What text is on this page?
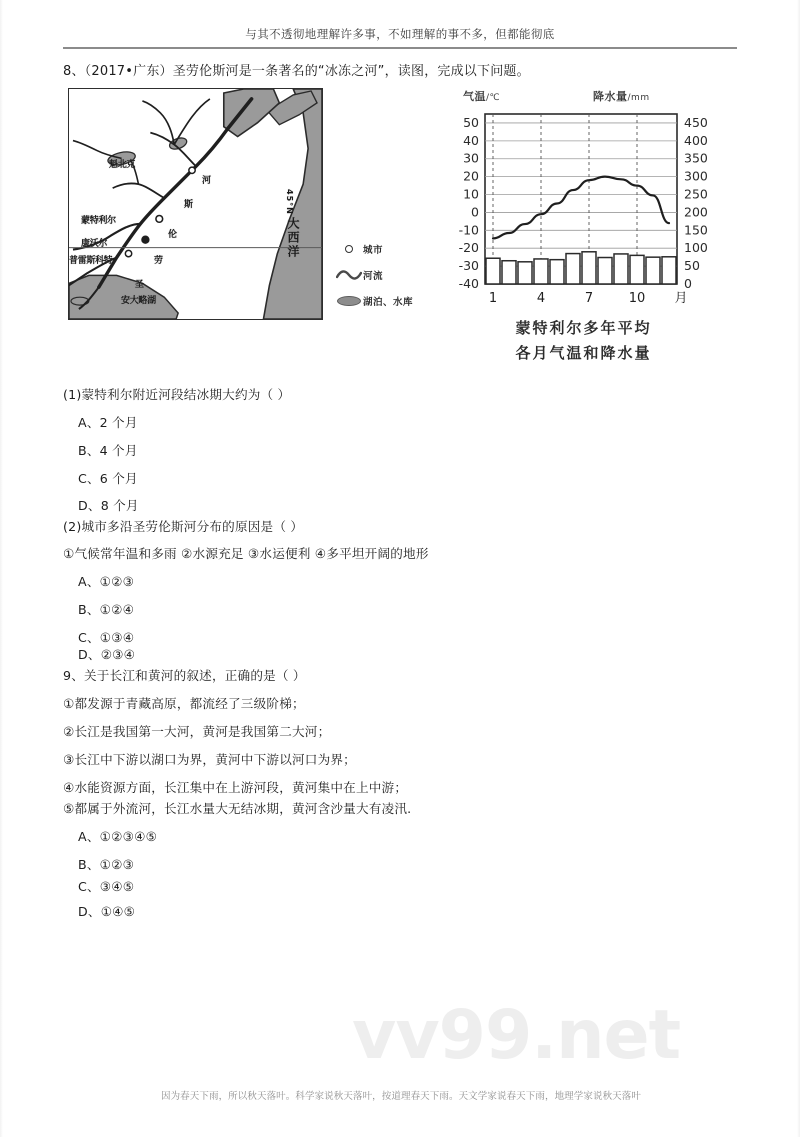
与其不透彻地理解许多事，不如理解的事不多，但都能彻底
8、（2017•广东）圣劳伦斯河是一条著名的“冰冻之河”，读图，完成以下问题。
魁北克
河
斯
伦
劳
蒙特利尔
康沃尔
普雷斯科特
圣
安大略湖
大西洋
45°N
城市
河流
湖泊、水库
气温/℃	降水量/mm
50
40
30
20
10
0
-10
-20
-30
-40
450
400
350
300
250
200
150
100
50
0
1	4	7	10 月
蒙特利尔多年平均
各月气温和降水量
(1)蒙特利尔附近河段结冰期大约为（ ）
A、2 个月
B、4 个月
C、6 个月
D、8 个月
(2)城市多沿圣劳伦斯河分布的原因是（ ）
①气候常年温和多雨 ②水源充足 ③水运便利 ④多平坦开阔的地形
A、①②③
B、①②④
C、①③④
D、②③④
9、关于长江和黄河的叙述，正确的是（ ）
①都发源于青藏高原，都流经了三级阶梯；
②长江是我国第一大河，黄河是我国第二大河；
③长江中下游以湖口为界，黄河中下游以河口为界；
④水能资源方面，长江集中在上游河段，黄河集中在上中游；
⑤都属于外流河，长江水量大无结冰期，黄河含沙量大有凌汛.
A、①②③④⑤
B、①②③
C、③④⑤
D、①④⑤
vv99.net
因为春天下雨，所以秋天落叶。科学家说秋天落叶，按道理春天下雨。天文学家说春天下雨，地理学家说秋天落叶
